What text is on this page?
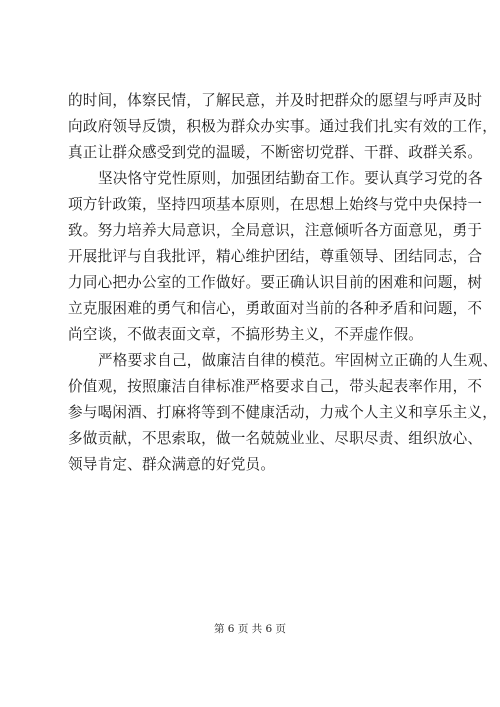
的时间，体察民情，了解民意，并及时把群众的愿望与呼声及时
向政府领导反馈，积极为群众办实事。通过我们扎实有效的工作，
真正让群众感受到党的温暖，不断密切党群、干群、政群关系。
坚决恪守党性原则，加强团结勤奋工作。要认真学习党的各
项方针政策，坚持四项基本原则，在思想上始终与党中央保持一
致。努力培养大局意识，全局意识，注意倾听各方面意见，勇于
开展批评与自我批评，精心维护团结，尊重领导、团结同志，合
力同心把办公室的工作做好。要正确认识目前的困难和问题，树
立克服困难的勇气和信心，勇敢面对当前的各种矛盾和问题，不
尚空谈，不做表面文章，不搞形势主义，不弄虚作假。
严格要求自己，做廉洁自律的模范。牢固树立正确的人生观、
价值观，按照廉洁自律标准严格要求自己，带头起表率作用，不
参与喝闲酒、打麻将等到不健康活动，力戒个人主义和享乐主义，
多做贡献，不思索取，做一名兢兢业业、尽职尽责、组织放心、
领导肯定、群众满意的好党员。
第 6 页 共 6 页
